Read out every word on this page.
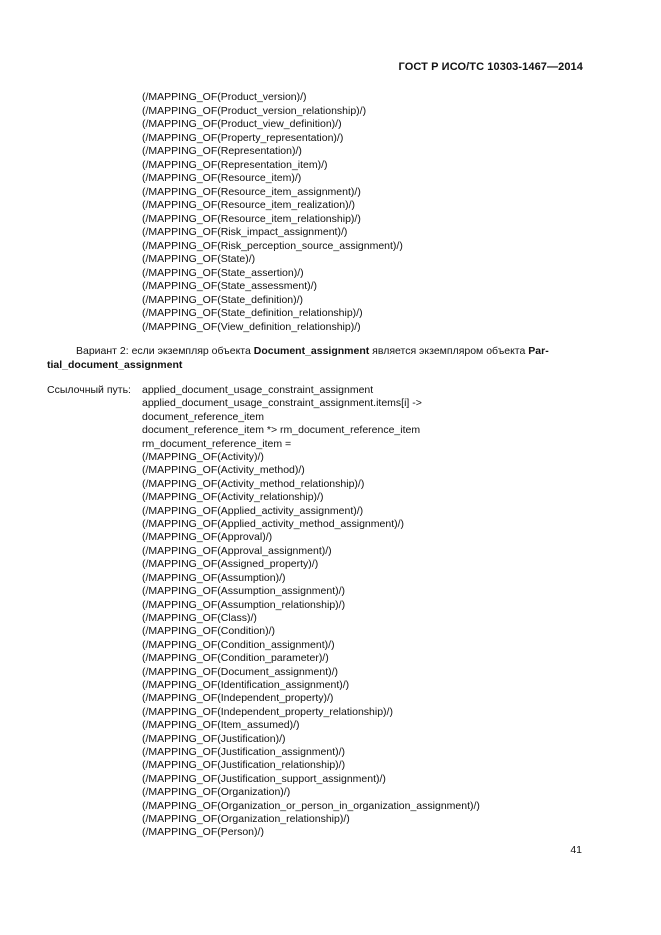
ГОСТ Р ИСО/ТС 10303-1467—2014
(/MAPPING_OF(Product_version)/)
(/MAPPING_OF(Product_version_relationship)/)
(/MAPPING_OF(Product_view_definition)/)
(/MAPPING_OF(Property_representation)/)
(/MAPPING_OF(Representation)/)
(/MAPPING_OF(Representation_item)/)
(/MAPPING_OF(Resource_item)/)
(/MAPPING_OF(Resource_item_assignment)/)
(/MAPPING_OF(Resource_item_realization)/)
(/MAPPING_OF(Resource_item_relationship)/)
(/MAPPING_OF(Risk_impact_assignment)/)
(/MAPPING_OF(Risk_perception_source_assignment)/)
(/MAPPING_OF(State)/)
(/MAPPING_OF(State_assertion)/)
(/MAPPING_OF(State_assessment)/)
(/MAPPING_OF(State_definition)/)
(/MAPPING_OF(State_definition_relationship)/)
(/MAPPING_OF(View_definition_relationship)/)
Вариант 2: если экземпляр объекта Document_assignment является экземпляром объекта Par-
tial_document_assignment
Ссылочный путь: applied_document_usage_constraint_assignment
applied_document_usage_constraint_assignment.items[i] ->
document_reference_item
document_reference_item *> rm_document_reference_item
rm_document_reference_item =
(/MAPPING_OF(Activity)/)
(/MAPPING_OF(Activity_method)/)
(/MAPPING_OF(Activity_method_relationship)/)
(/MAPPING_OF(Activity_relationship)/)
(/MAPPING_OF(Applied_activity_assignment)/)
(/MAPPING_OF(Applied_activity_method_assignment)/)
(/MAPPING_OF(Approval)/)
(/MAPPING_OF(Approval_assignment)/)
(/MAPPING_OF(Assigned_property)/)
(/MAPPING_OF(Assumption)/)
(/MAPPING_OF(Assumption_assignment)/)
(/MAPPING_OF(Assumption_relationship)/)
(/MAPPING_OF(Class)/)
(/MAPPING_OF(Condition)/)
(/MAPPING_OF(Condition_assignment)/)
(/MAPPING_OF(Condition_parameter)/)
(/MAPPING_OF(Document_assignment)/)
(/MAPPING_OF(Identification_assignment)/)
(/MAPPING_OF(Independent_property)/)
(/MAPPING_OF(Independent_property_relationship)/)
(/MAPPING_OF(Item_assumed)/)
(/MAPPING_OF(Justification)/)
(/MAPPING_OF(Justification_assignment)/)
(/MAPPING_OF(Justification_relationship)/)
(/MAPPING_OF(Justification_support_assignment)/)
(/MAPPING_OF(Organization)/)
(/MAPPING_OF(Organization_or_person_in_organization_assignment)/)
(/MAPPING_OF(Organization_relationship)/)
(/MAPPING_OF(Person)/)
41
